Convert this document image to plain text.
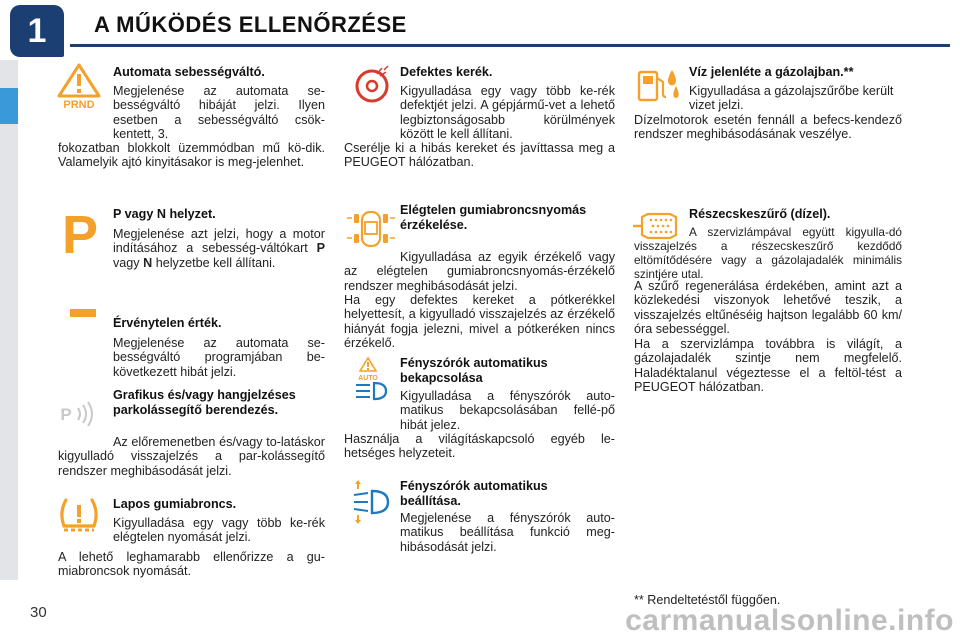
1	A MŰKÖDÉS ELLENŐRZÉSE
PRND
Automata sebességváltó.

Megjelenése az automata se-bességváltó hibáját jelzi. Ilyen esetben a sebességváltó csök-kentett, 3.

fokozatban blokkolt üzemmódban mű kö-dik. Valamelyik ajtó kinyitásakor is meg-jelenhet.

P P vagy N helyzet.

Megjelenése azt jelzi, hogy a motor indításához a sebesség-váltókart P vagy N helyzetbe kell állítani.

Érvénytelen érték.

Megjelenése az automata se-bességváltó programjában be-következett hibát jelzi.

P
Grafikus és/vagy hangjelzéses parkolássegítő berendezés.

Az előremenetben és/vagy to-latáskor kigyulladó visszajelzés a par-kolássegítő rendszer meghibásodását jelzi.

Lapos gumiabroncs.

Kigyulladása egy vagy több ke-rék elégtelen nyomását jelzi.

A lehető leghamarabb ellenőrizze a gu-miabroncsok nyomását.

Defektes kerék.

Kigyulladása egy vagy több ke-rék defektjét jelzi. A gépjármű-vet a lehető legbiztonságosabb körülmények között le kell állítani.

Cserélje ki a hibás kereket és javíttassa meg a PEUGEOT hálózatban.

Elégtelen gumiabroncsnyomás érzékelése.

Kigyulladása az egyik érzékelő vagy az elégtelen gumiabroncsnyomás-érzékelő rendszer meghibásodását jelzi.

Ha egy defektes kereket a pótkerékkel helyettesít, a kigyulladó visszajelzés az érzékelő hiányát fogja jelezni, mivel a pótkeréken nincs érzékelő.

AUTO
Fényszórók automatikus bekapcsolása

Kigyulladása a fényszórók auto-matikus bekapcsolásában fellé-pő hibát jelez.

Használja a világításkapcsoló egyéb le-hetséges helyzeteit.

Fényszórók automatikus beállítása.

Megjelenése a fényszórók auto-matikus beállítása funkció meg-hibásodását jelzi.

Víz jelenléte a gázolajban.**

Kigyulladása a gázolajszűrőbe került vizet jelzi.

Dízelmotorok esetén fennáll a befecs-kendező rendszer meghibásodásának veszélye.

Részecskeszűrő (dízel).

A szervizlámpával együtt kigyulla-dó visszajelzés a részecskeszűrő kezdődő eltömítődésére vagy a gázolajadalék minimális szintjére utal.

A szűrő regenerálása érdekében, amint azt a közlekedési viszonyok lehetővé teszik, a visszajelzés eltűnéséig hajtson legalább 60 km/óra sebességgel.

Ha a szervizlámpa továbbra is világít, a gázolajadalék szintje nem megfelelő. Haladéktalanul végeztesse el a feltöl-tést a PEUGEOT hálózatban.

** Rendeltetéstől függően.

30	carmanualsonline.info
